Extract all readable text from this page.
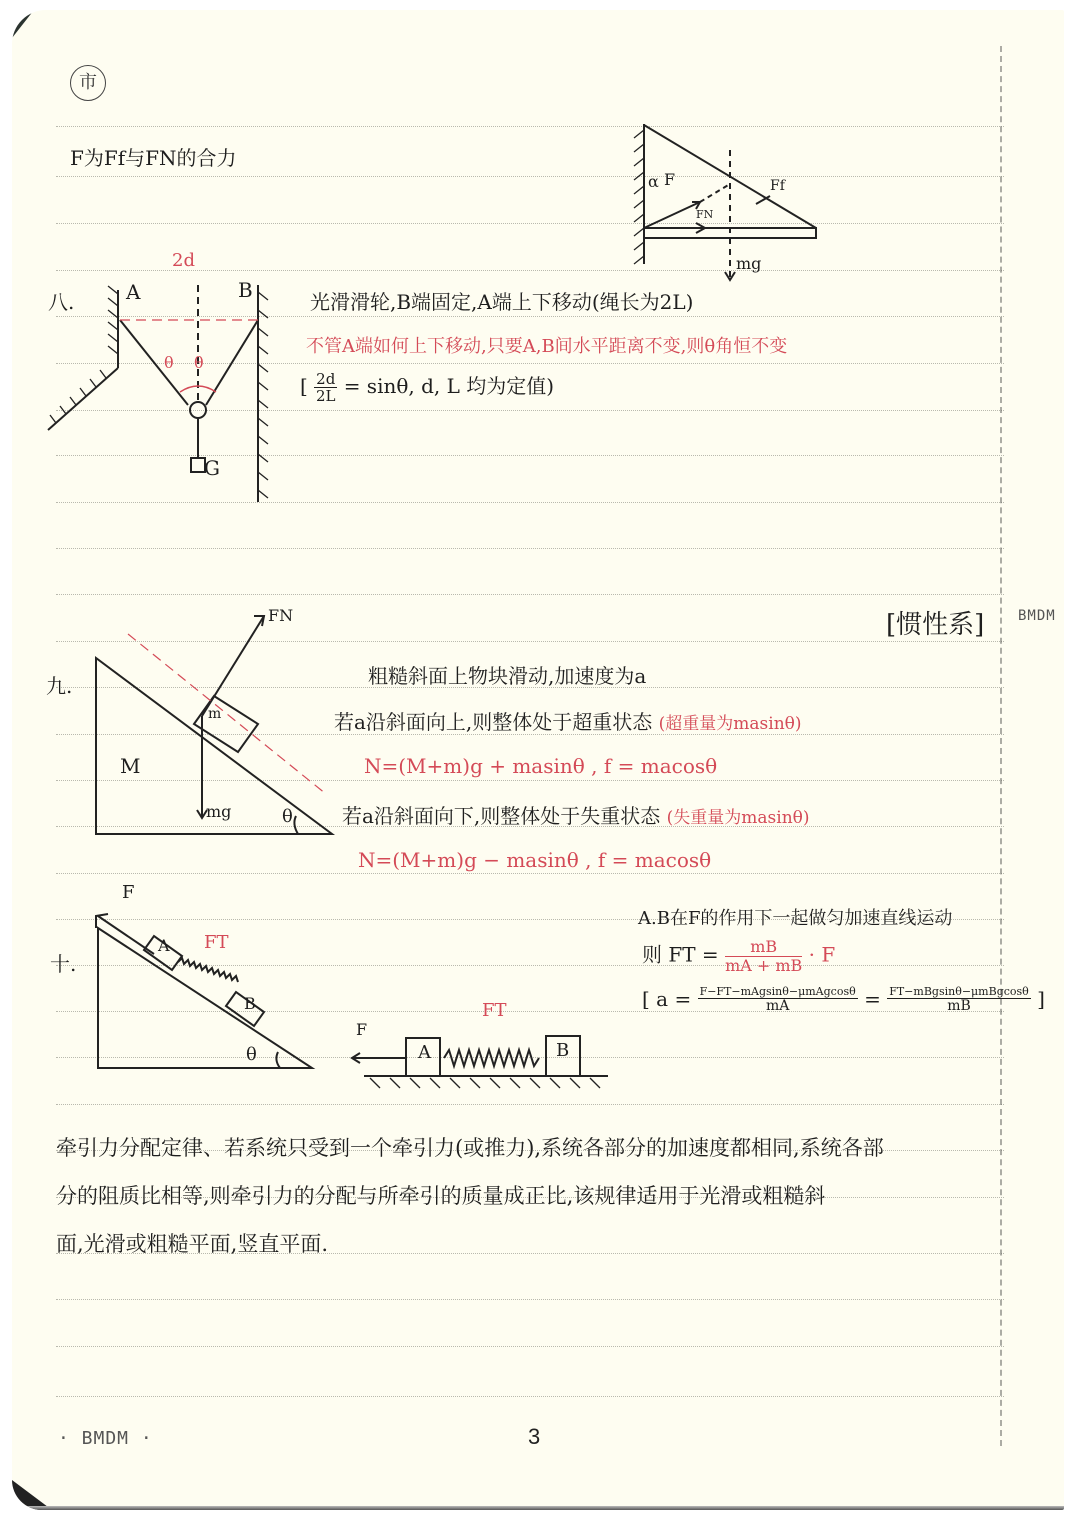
市
F为Ff与FN的合力
α F
FN
Ff
mg
八.	A	B
2d
θ θ
G
光滑滑轮,B端固定,A端上下移动(绳长为2L)
不管A端如何上下移动,只要A,B间水平距离不变,则θ角恒不变
[ $\frac{2d}{2L} = \sin\theta$, d, L 均为定值)
[惯性系] BMDM
九.
FN
m
M
mg	θ
粗糙斜面上物块滑动,加速度为a
若a沿斜面向上,则整体处于超重状态 (超重量为masinθ)
N=(M+m)g + masinθ , f = macosθ
若a沿斜面向下,则整体处于失重状态 (失重量为masinθ)
N=(M+m)g − masinθ , f = macosθ
十.
F
A
B
FT
θ	A	B
F
FT
A.B在F的作用下一起做匀加速直线运动
则 FT = $\frac{mB}{mA + mB} \cdot F$
[ $a = \frac{\text{F−FT−mAgsinθ−μmAgcosθ}}{mA} = \frac{\text{FT−mBgsinθ−μmBgcosθ}}{mB}$ ]
牵引力分配定律、若系统只受到一个牵引力(或推力),系统各部分的加速度都相同,系统各部
分的阻质比相等,则牵引力的分配与所牵引的质量成正比,该规律适用于光滑或粗糙斜
面,光滑或粗糙平面,竖直平面.
· BMDM ·	3
